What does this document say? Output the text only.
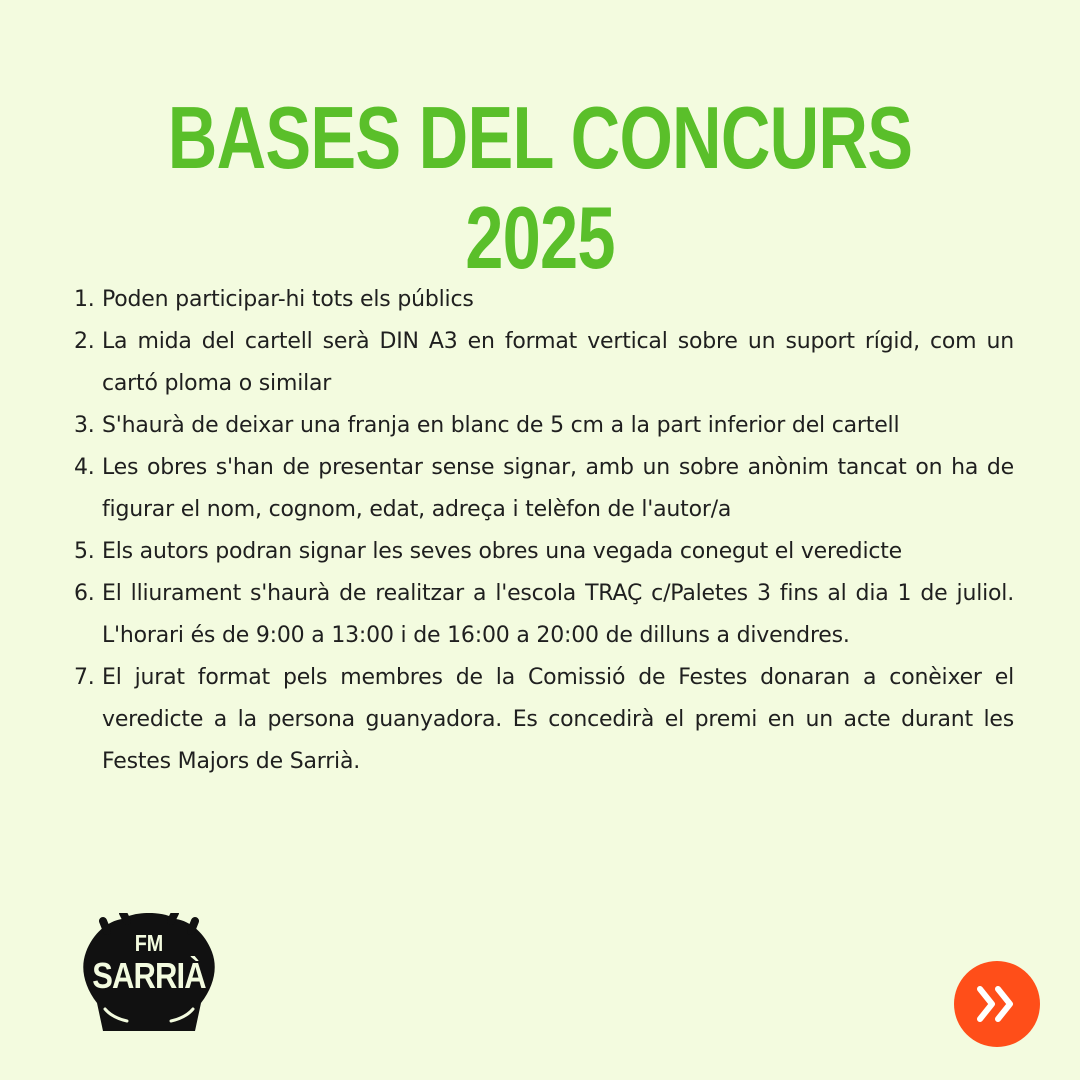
BASES DEL CONCURS 2025
1. Poden participar-hi tots els públics
2. La mida del cartell serà DIN A3 en format vertical sobre un suport rígid, com un cartó ploma o similar
3. S'haurà de deixar una franja en blanc de 5 cm a la part inferior del cartell
4. Les obres s'han de presentar sense signar, amb un sobre anònim tancat on ha de figurar el nom, cognom, edat, adreça i telèfon de l'autor/a
5. Els autors podran signar les seves obres una vegada conegut el veredicte
6. El lliurament s'haurà de realitzar a l'escola TRAÇ c/Paletes 3 fins al dia 1 de juliol. L'horari és de 9:00 a 13:00 i de 16:00 a 20:00 de dilluns a divendres.
7. El jurat format pels membres de la Comissió de Festes donaran a conèixer el veredicte a la persona guanyadora. Es concedirà el premi en un acte durant les Festes Majors de Sarrià.
FM
SARRIÀ
